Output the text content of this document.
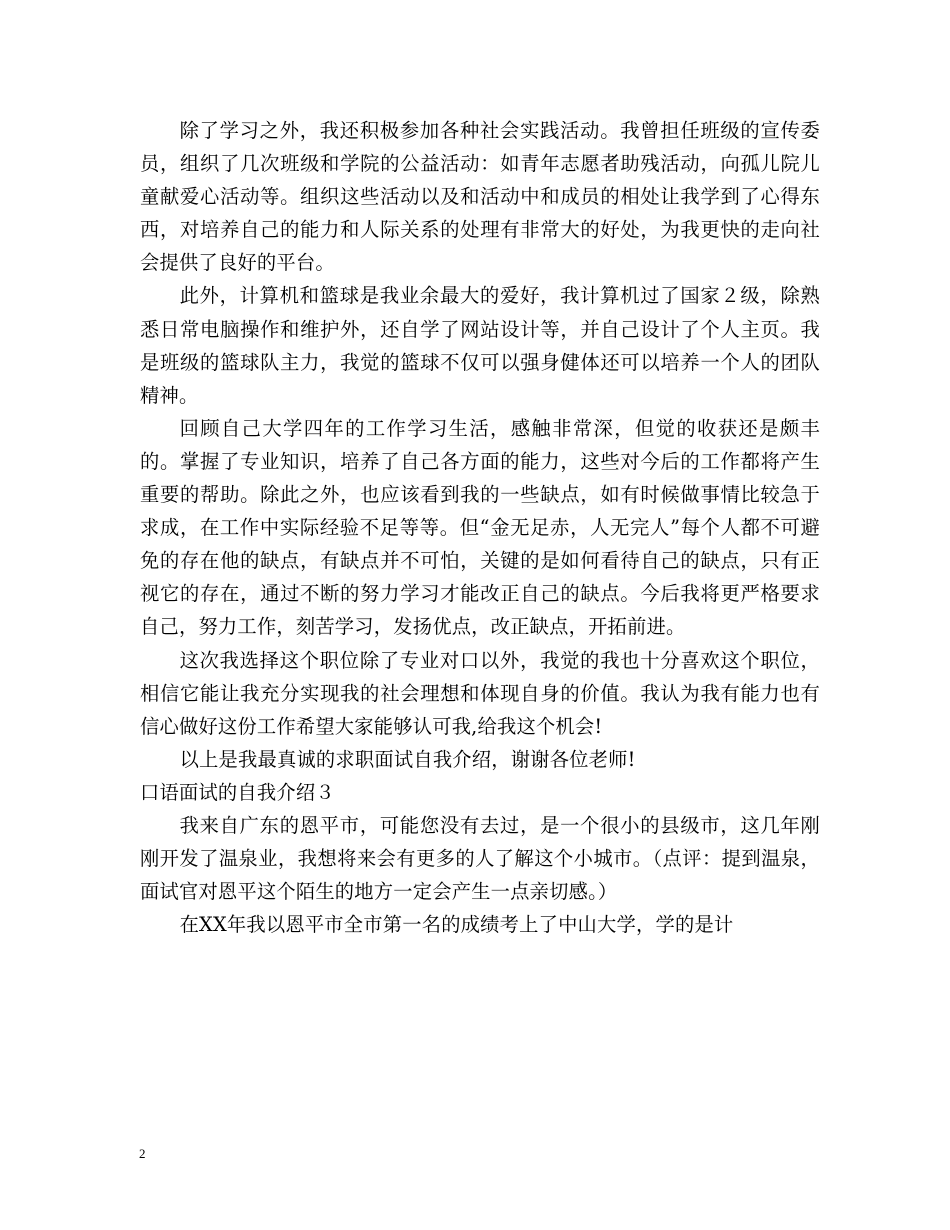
除了学习之外，我还积极参加各种社会实践活动。我曾担任班级的宣传委员，组织了几次班级和学院的公益活动：如青年志愿者助残活动，向孤儿院儿童献爱心活动等。组织这些活动以及和活动中和成员的相处让我学到了心得东西，对培养自己的能力和人际关系的处理有非常大的好处，为我更快的走向社会提供了良好的平台。

此外，计算机和篮球是我业余最大的爱好，我计算机过了国家２级，除熟悉日常电脑操作和维护外，还自学了网站设计等，并自己设计了个人主页。我是班级的篮球队主力，我觉的篮球不仅可以强身健体还可以培养一个人的团队精神。

回顾自己大学四年的工作学习生活，感触非常深，但觉的收获还是颇丰的。掌握了专业知识，培养了自己各方面的能力，这些对今后的工作都将产生重要的帮助。除此之外，也应该看到我的一些缺点，如有时候做事情比较急于求成，在工作中实际经验不足等等。但“金无足赤，人无完人”每个人都不可避免的存在他的缺点，有缺点并不可怕，关键的是如何看待自己的缺点，只有正视它的存在，通过不断的努力学习才能改正自己的缺点。今后我将更严格要求自己，努力工作，刻苦学习，发扬优点，改正缺点，开拓前进。

这次我选择这个职位除了专业对口以外，我觉的我也十分喜欢这个职位，相信它能让我充分实现我的社会理想和体现自身的价值。我认为我有能力也有信心做好这份工作希望大家能够认可我,给我这个机会!

以上是我最真诚的求职面试自我介绍，谢谢各位老师!

口语面试的自我介绍３

我来自广东的恩平市，可能您没有去过，是一个很小的县级市，这几年刚刚开发了温泉业，我想将来会有更多的人了解这个小城市。（点评：提到温泉，面试官对恩平这个陌生的地方一定会产生一点亲切感。）

在XX年我以恩平市全市第一名的成绩考上了中山大学，学的是计

2
